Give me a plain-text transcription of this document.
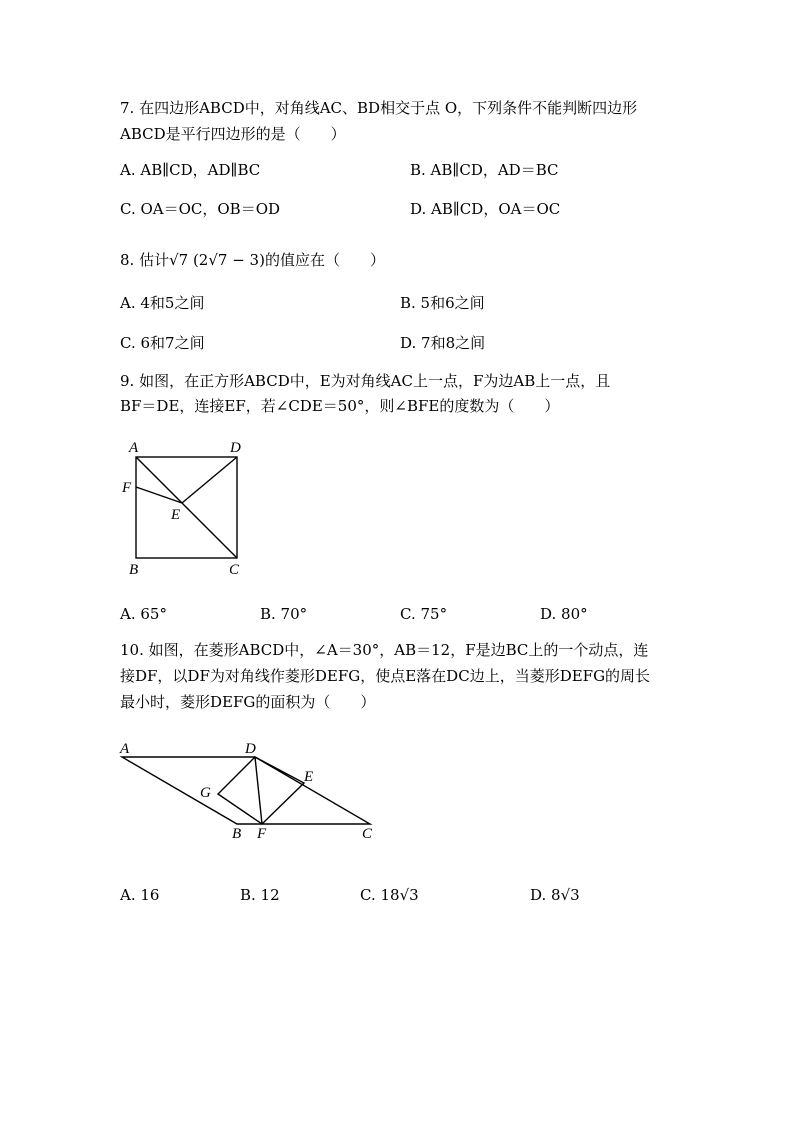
7. 在四边形ABCD中，对角线AC、BD相交于点 O，下列条件不能判断四边形
ABCD是平行四边形的是（　　）
A. AB∥CD，AD∥BC	B. AB∥CD，AD＝BC
C. OA＝OC，OB＝OD	D. AB∥CD，OA＝OC
8. 估计√7 (2√7 − 3)的值应在（　　）
A. 4和5之间	B. 5和6之间
C. 6和7之间	D. 7和8之间
9. 如图，在正方形ABCD中，E为对角线AC上一点，F为边AB上一点，且
BF＝DE，连接EF，若∠CDE＝50°，则∠BFE的度数为（　　）
A	D
F
E
B	C
A. 65°	B. 70°	C. 75°	D. 80°
10. 如图，在菱形ABCD中，∠A＝30°，AB＝12，F是边BC上的一个动点，连
接DF，以DF为对角线作菱形DEFG，使点E落在DC边上，当菱形DEFG的周长
最小时，菱形DEFG的面积为（　　）
A	D
E
G
B F	C
A. 16	B. 12	C. 18√3	D. 8√3
